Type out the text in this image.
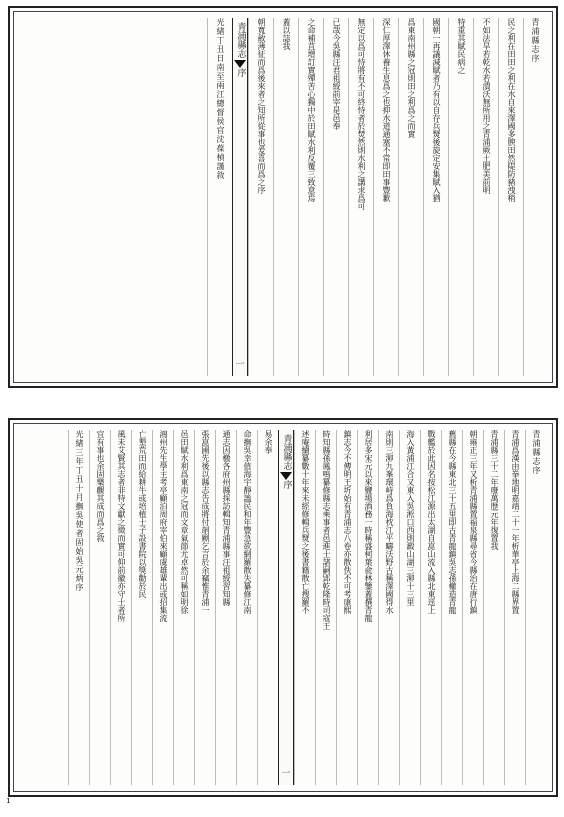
青浦縣志序
民之利在田田之利在水自來澤國多腴田然隄防豬洩稍
不如法旱若乾水若潰沃無所用之青浦厥土肥美前明
特重其賦民病之
國朝一再議減賦者乃有以自存兵燹後旋定安集賦入猶
爲東南州縣之冠則田之利爲之而實
深仁厚澤休養生息爲之也抑水道通塞不常即田事豐歉
無定以爲可恃將有不可終恃者於焚然則水利之講求爲可
已哉今吳縣汪君祖綬前宰是邑奉
之命補苴增訂實殫苦心獨中於田賦水利反覆三致意焉
蓋以誌我
朝寬斂薄征而爲後來者之知所從事也爰喜而爲之序
青浦縣志
序
一
光緒丁丑日南至兩江總督侯官沈葆楨謹敘
青浦縣志序
青浦爲漢由拳地明嘉靖二十一年析華亭上海二縣界置
青浦縣三十二年廢萬歷元年復置我
朝雍正三年又析青浦縣置福泉縣尋省今縣治在唐行鎮
舊縣在今縣東北三十五里即古青龍鎮吳志孫權造青龍
戰艦於此因名按松江源出太湖自崑山流入縣北東逕上
海入黃浦江合又東入吳淞口西則澱山湖三泖十三里
南則三泖九峯環峙爲負海枕江平疇沃野古稱澤國得水
利居多宋元以來鹽場酒務一時稱盛柯葉兪林鑒蓋撰青龍
鎮志今不傳明王圻始有青浦志八卷亦散佚不可考康熙
時知縣孫鳳鳴纂修縣志乘事者邑進士諸嗣郢乾隆時司寇王
述庵續纂數十年來未經修輯兵燹之後書籍散亡搜羅不
青浦縣志
序
一
易余奉
命撫吳幸值海宇靜謐民和年豐急欲網羅散失纂修江南
通志因檄各府州縣採訪輯知青浦縣事汪祖綬習知縣
張崑圃先後以縣志告成將付剞劂乞言於余竊惟青浦一
邑田賦水利爲東南之冠而文章氣節尤卓然可稱如明徐
鴻州先生學主考亭顧泊周府宰伯來顧虞雄輩出或招集流
亡墾荒田而給耕牛或培植士子設書院以獎勸於民
風未艾賢其志者非特文獻之徵而實可仰前徽亦守土者所
宜有事也余固樂觀其成而爲之敘
光緒三年丁丑十月撫吳使者固始吳元炳序
¹
